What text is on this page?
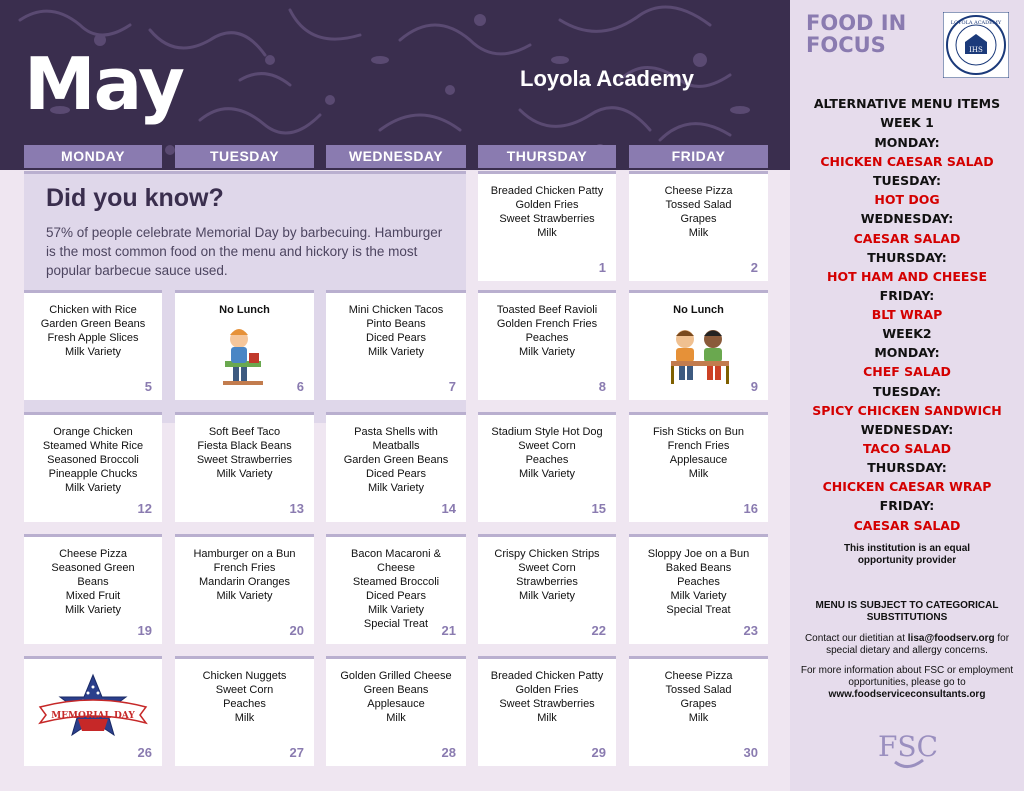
May	Loyola Academy
MONDAY	TUESDAY	WEDNESDAY	THURSDAY	FRIDAY
Did you know?
57% of people celebrate Memorial Day by barbecuing. Hamburger is the most common food on the menu and hickory is the most popular barbecue sauce used.
Breaded Chicken Patty
Golden Fries
Sweet Strawberries
Milk
1
Cheese Pizza
Tossed Salad
Grapes
Milk
2
Chicken with Rice
Garden Green Beans
Fresh Apple Slices
Milk Variety
5
No Lunch
6
Mini Chicken Tacos
Pinto Beans
Diced Pears
Milk Variety
7
Toasted Beef Ravioli
Golden French Fries
Peaches
Milk Variety
8
No Lunch
9
Orange Chicken
Steamed White Rice
Seasoned Broccoli
Pineapple Chucks
Milk Variety
12
Soft Beef Taco
Fiesta Black Beans
Sweet Strawberries
Milk Variety
13
Pasta Shells with
Meatballs
Garden Green Beans
Diced Pears
Milk Variety
14
Stadium Style Hot Dog
Sweet Corn
Peaches
Milk Variety
15
Fish Sticks on Bun
French Fries
Applesauce
Milk
16
Cheese Pizza
Seasoned Green
Beans
Mixed Fruit
Milk Variety
19
Hamburger on a Bun
French Fries
Mandarin Oranges
Milk Variety
20
Bacon Macaroni &
Cheese
Steamed Broccoli
Diced Pears
Milk Variety
Special Treat	21
Crispy Chicken Strips
Sweet Corn
Strawberries
Milk Variety
22
Sloppy Joe on a Bun
Baked Beans
Peaches
Milk Variety
Special Treat
23
MEMORIAL DAY
26
Chicken Nuggets
Sweet Corn
Peaches
Milk
27
Golden Grilled Cheese
Green Beans
Applesauce
Milk
28
Breaded Chicken Patty
Golden Fries
Sweet Strawberries
Milk
29
Cheese Pizza
Tossed Salad
Grapes
Milk
30
FOOD IN
FOCUS	IHS
LOYOLA ACADEMY
ALTERNATIVE MENU ITEMS
WEEK 1
MONDAY:
CHICKEN CAESAR SALAD
TUESDAY:
HOT DOG
WEDNESDAY:
CAESAR SALAD
THURSDAY:
HOT HAM AND CHEESE
FRIDAY:
BLT WRAP
WEEK2
MONDAY:
CHEF SALAD
TUESDAY:
SPICY CHICKEN SANDWICH
WEDNESDAY:
TACO SALAD
THURSDAY:
CHICKEN CAESAR WRAP
FRIDAY:
CAESAR SALAD
This institution is an equal opportunity provider
MENU IS SUBJECT TO CATEGORICAL SUBSTITUTIONS
Contact our dietitian at lisa@foodserv.org for special dietary and allergy concerns.
For more information about FSC or employment opportunities, please go to
www.foodserviceconsultants.org
FSC
